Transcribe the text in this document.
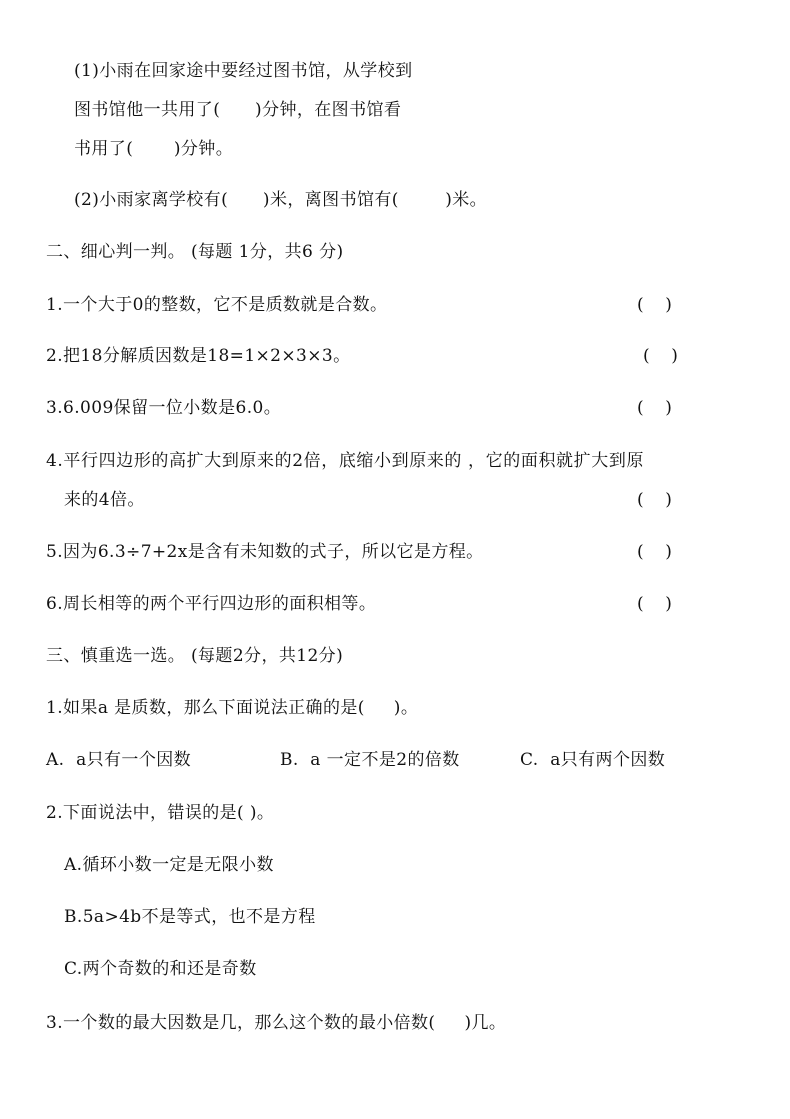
(1)小雨在回家途中要经过图书馆，从学校到
图书馆他一共用了(      )分钟，在图书馆看
书用了(       )分钟。
(2)小雨家离学校有(      )米，离图书馆有(        )米。
二、细心判一判。 (每题 1分，共6 分)
1.一个大于0的整数，它不是质数就是合数。	(    )
2.把18分解质因数是18=1×2×3×3。	(    )
3.6.009保留一位小数是6.0。	(    )
4.平行四边形的高扩大到原来的2倍，底缩小到原来的 ，它的面积就扩大到原
来的4倍。	(    )
5.因为6.3÷7+2x是含有未知数的式子，所以它是方程。	(    )
6.周长相等的两个平行四边形的面积相等。	(    )
三、慎重选一选。 (每题2分，共12分)
1.如果a 是质数，那么下面说法正确的是(     )。
A.  a只有一个因数	B.  a 一定不是2的倍数	C.  a只有两个因数
2.下面说法中，错误的是( )。
A.循环小数一定是无限小数
B.5a>4b不是等式，也不是方程
C.两个奇数的和还是奇数
3.一个数的最大因数是几，那么这个数的最小倍数(     )几。
